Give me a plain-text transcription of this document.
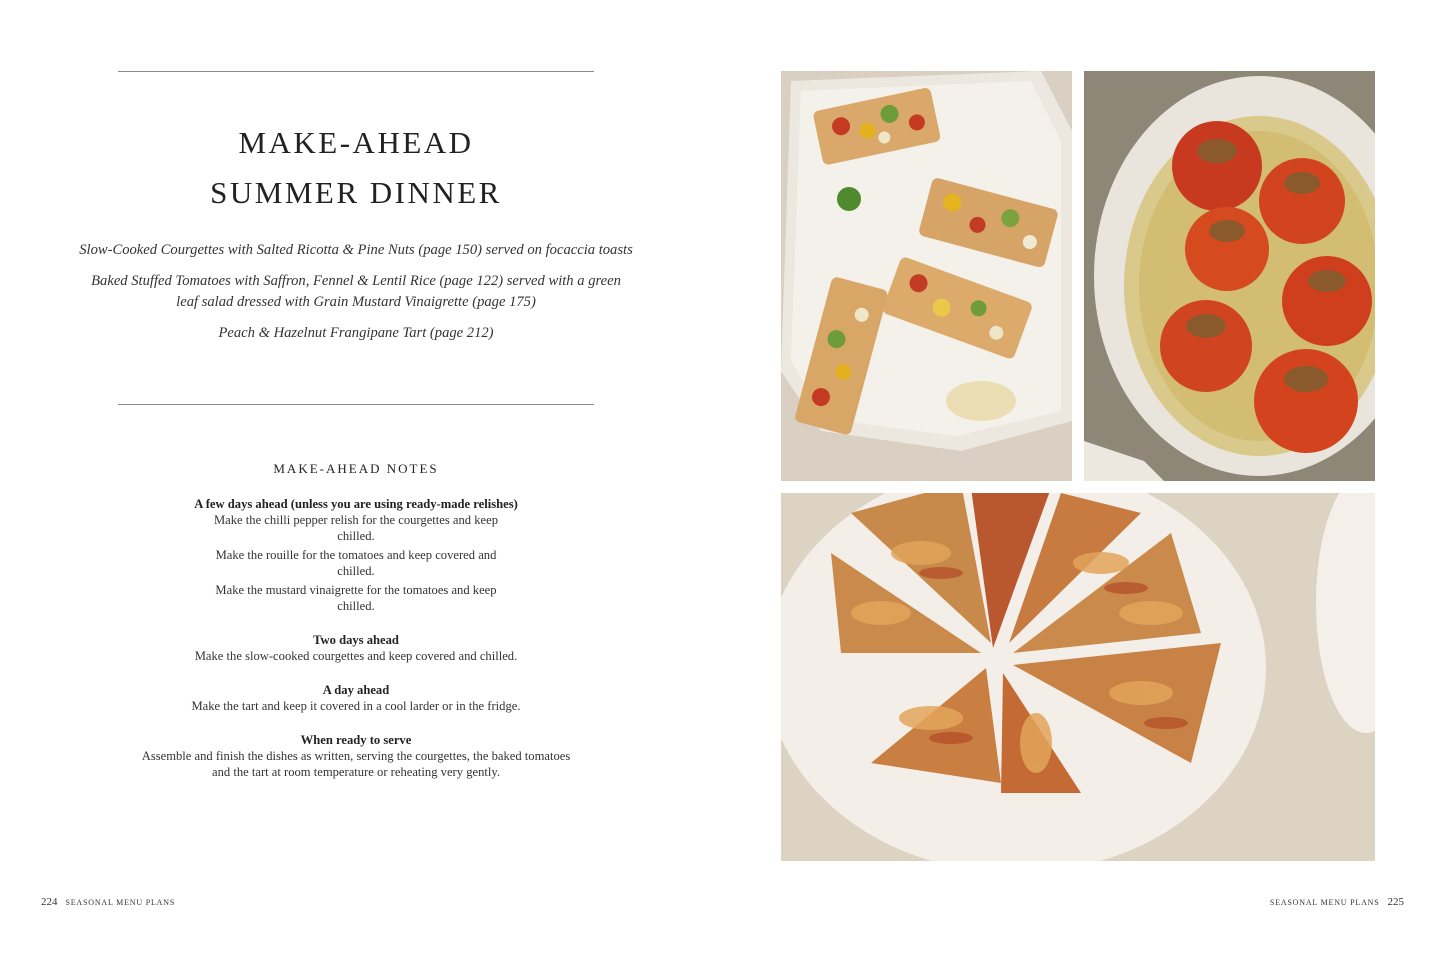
MAKE-AHEAD
SUMMER DINNER

Slow-Cooked Courgettes with Salted Ricotta & Pine Nuts (page 150) served on focaccia toasts

Baked Stuffed Tomatoes with Saffron, Fennel & Lentil Rice (page 122) served with a green leaf salad dressed with Grain Mustard Vinaigrette (page 175)

Peach & Hazelnut Frangipane Tart (page 212)

MAKE-AHEAD NOTES
A few days ahead (unless you are using ready-made relishes)
Make the chilli pepper relish for the courgettes and keep chilled.
Make the rouille for the tomatoes and keep covered and chilled.
Make the mustard vinaigrette for the tomatoes and keep chilled.
Two days ahead
Make the slow-cooked courgettes and keep covered and chilled.
A day ahead
Make the tart and keep it covered in a cool larder or in the fridge.
When ready to serve
Assemble and finish the dishes as written, serving the courgettes, the baked tomatoes and the tart at room temperature or reheating very gently.
224 SEASONAL MENU PLANS	SEASONAL MENU PLANS 225
